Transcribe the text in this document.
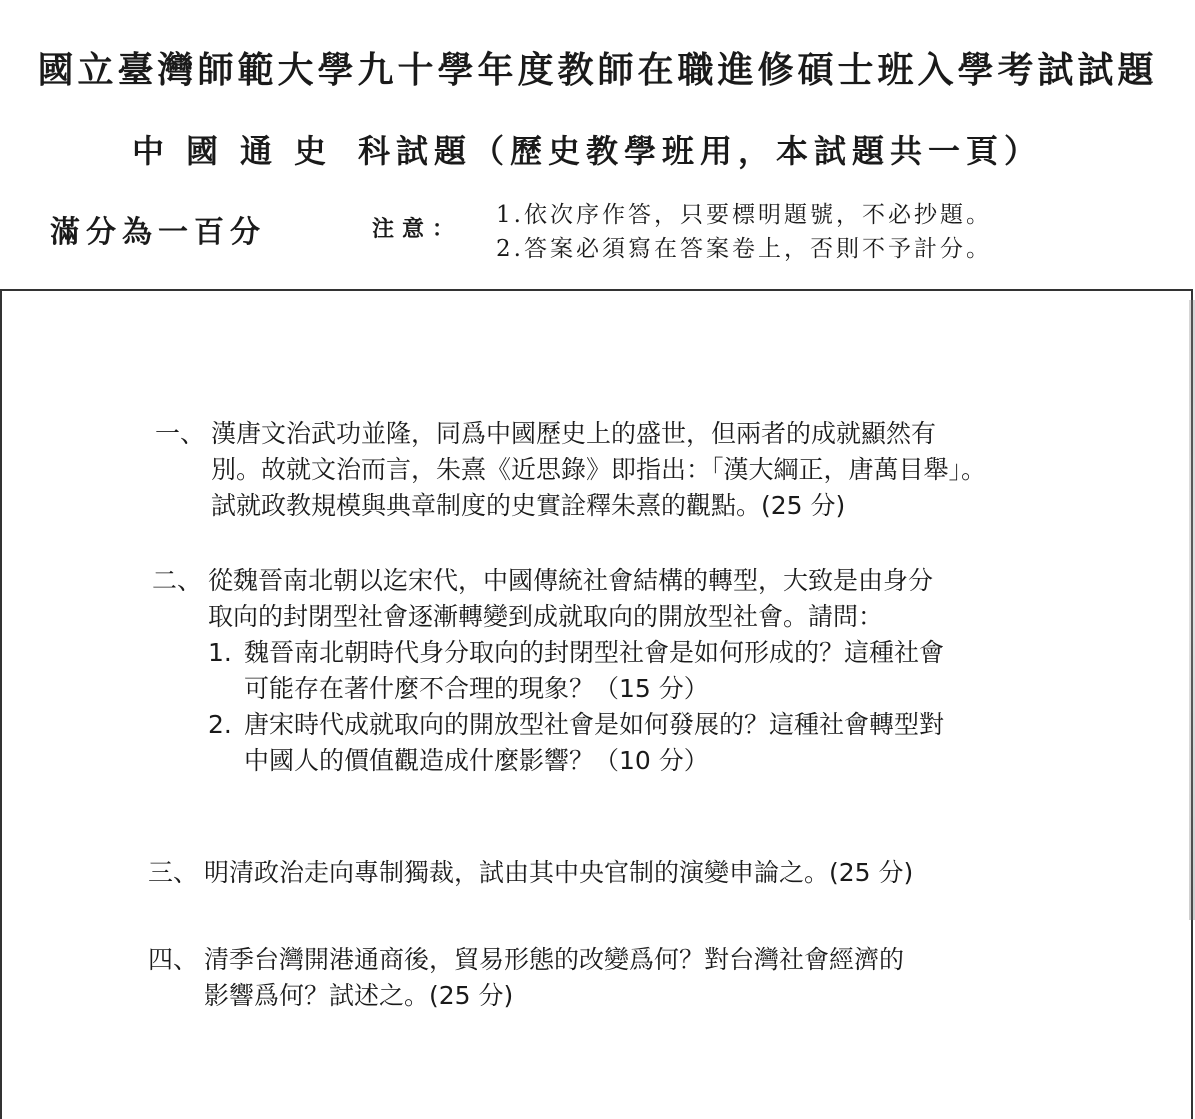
國立臺灣師範大學九十學年度教師在職進修碩士班入學考試試題
中國通史 科試題（歷史教學班用，本試題共一頁）
滿分為一百分	注意：
1.依次序作答，只要標明題號，不必抄題。
2.答案必須寫在答案卷上，否則不予計分。
一、 漢唐文治武功並隆，同爲中國歷史上的盛世，但兩者的成就顯然有
別。故就文治而言，朱熹《近思錄》即指出：「漢大綱正，唐萬目舉」。
試就政教規模與典章制度的史實詮釋朱熹的觀點。(25 分)
二、 從魏晉南北朝以迄宋代，中國傳統社會結構的轉型，大致是由身分
取向的封閉型社會逐漸轉變到成就取向的開放型社會。請問：
1. 魏晉南北朝時代身分取向的封閉型社會是如何形成的？這種社會
可能存在著什麼不合理的現象？（15 分）
2. 唐宋時代成就取向的開放型社會是如何發展的？這種社會轉型對
中國人的價值觀造成什麼影響？（10 分）
三、 明清政治走向專制獨裁，試由其中央官制的演變申論之。(25 分)
四、 清季台灣開港通商後，貿易形態的改變爲何？對台灣社會經濟的
影響爲何？試述之。(25 分)
